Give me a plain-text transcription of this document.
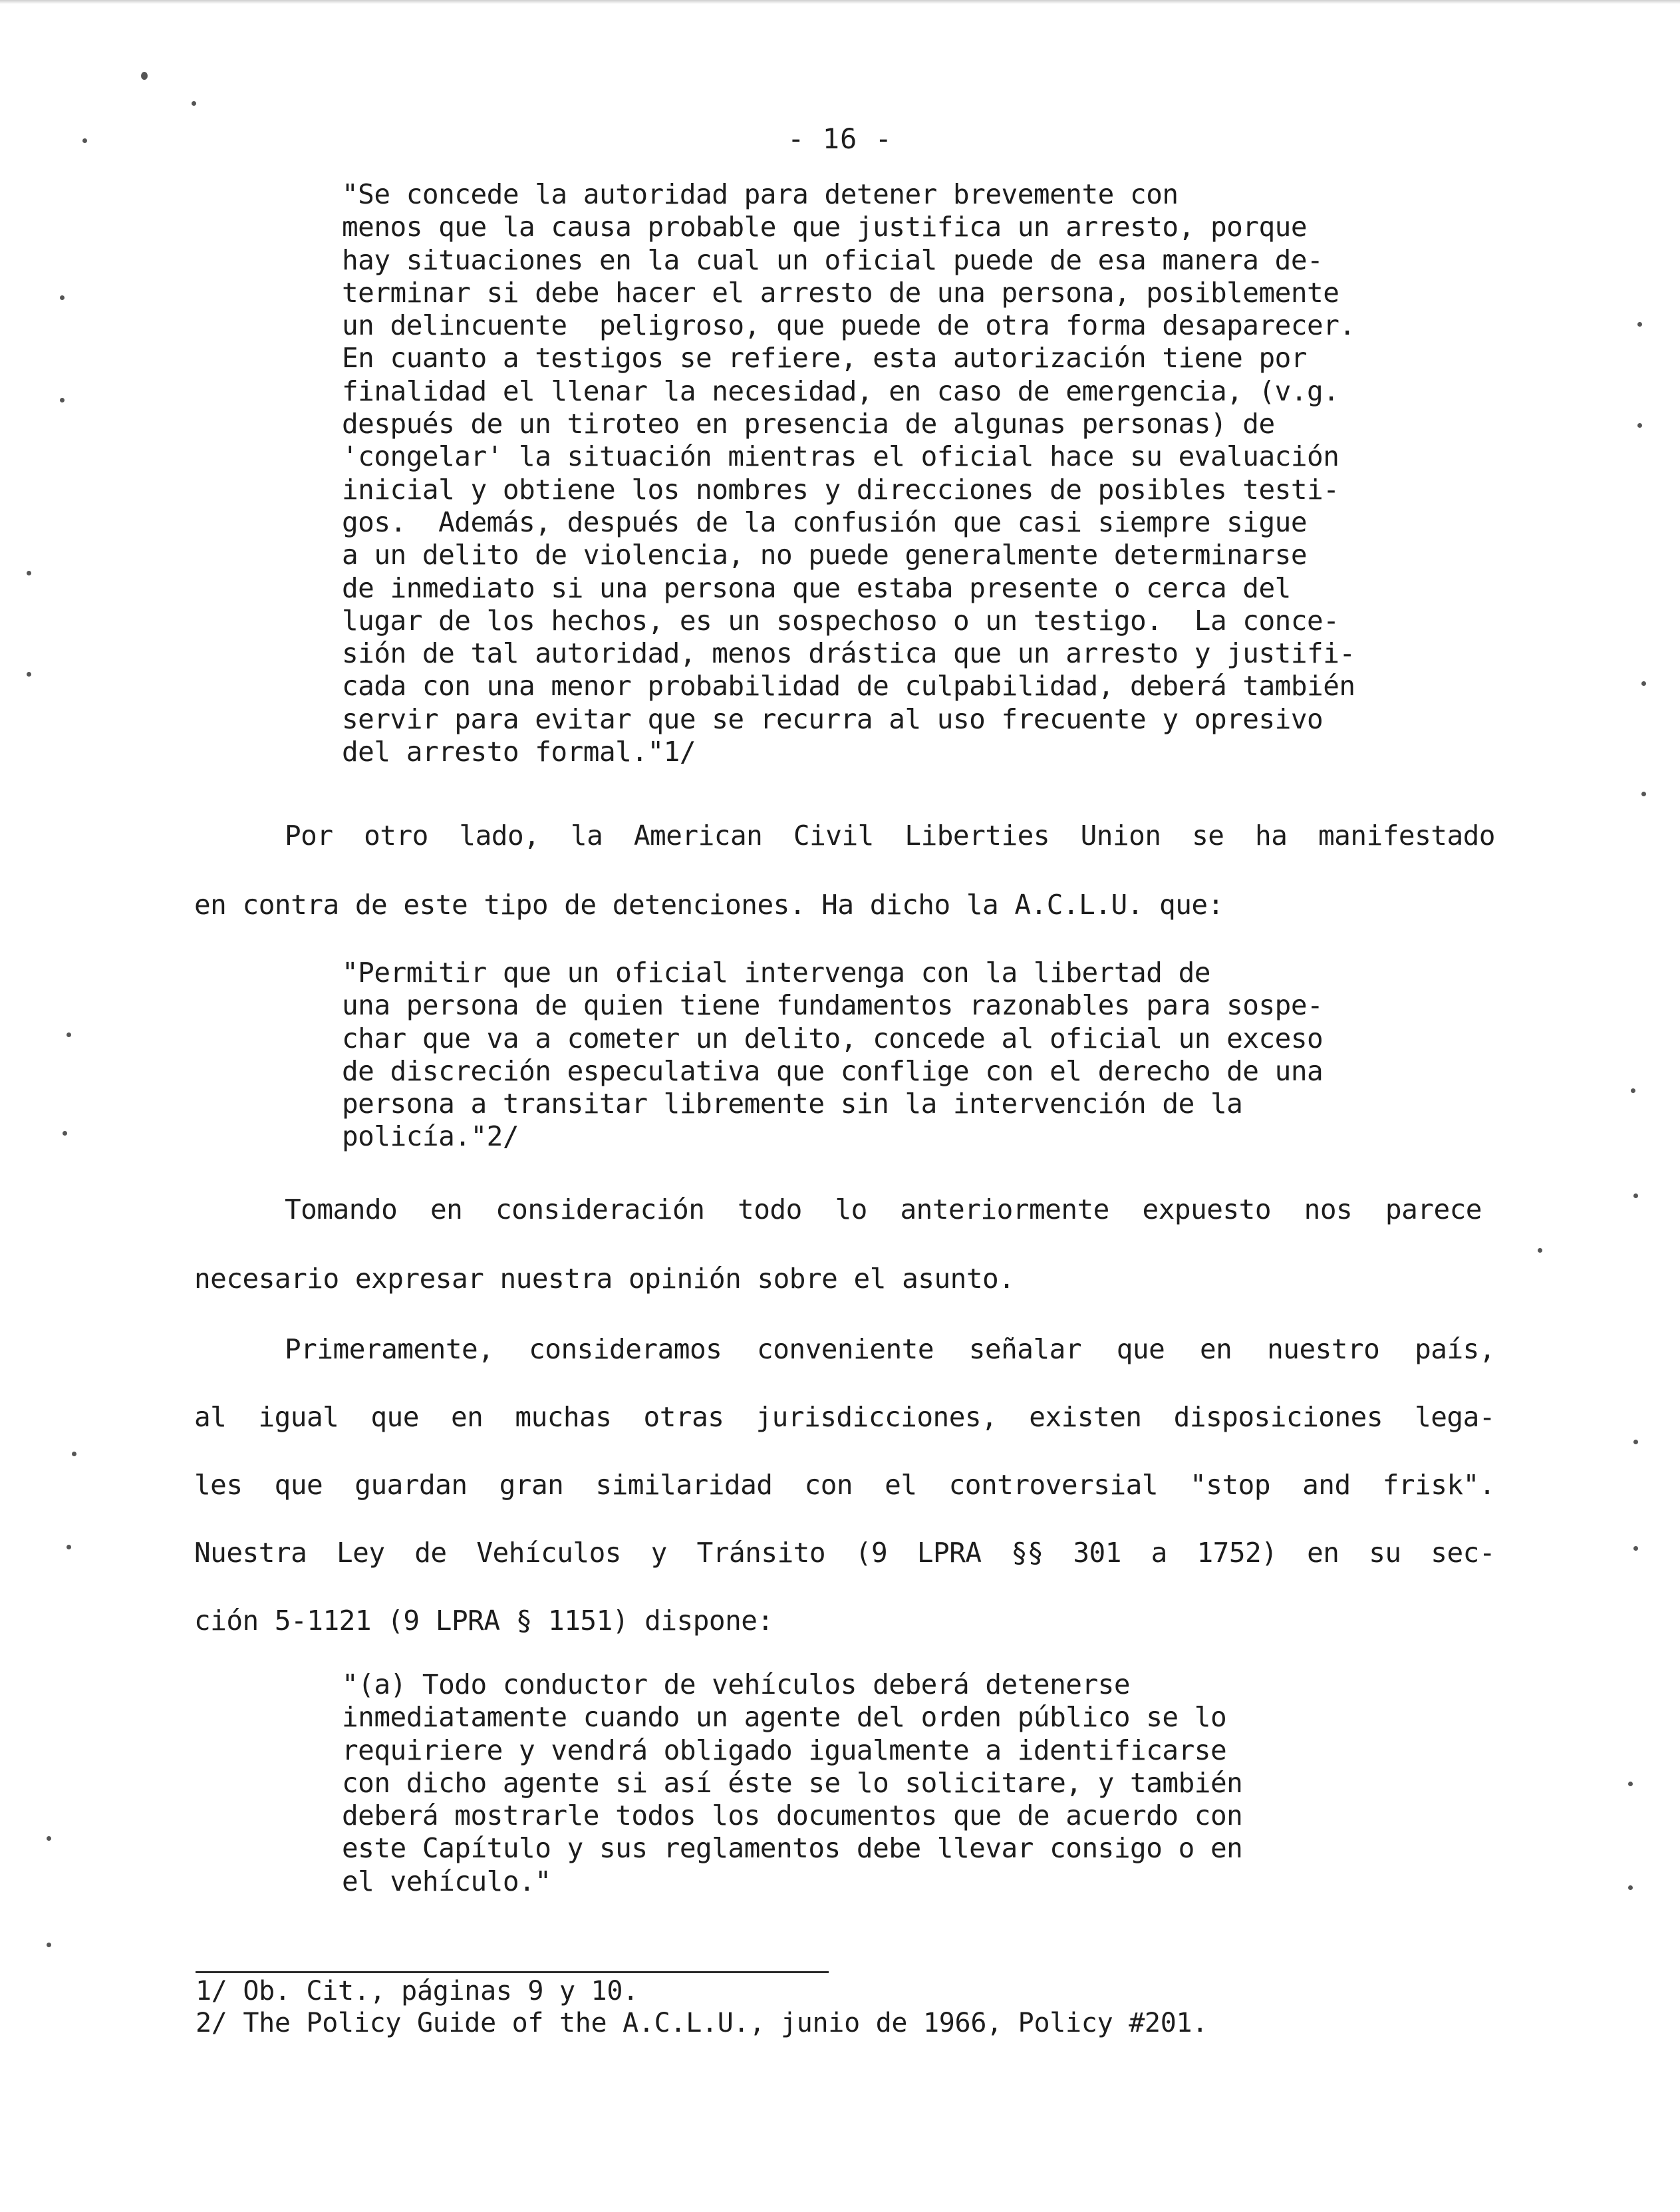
- 16 -
"Se concede la autoridad para detener brevemente con
menos que la causa probable que justifica un arresto, porque
hay situaciones en la cual un oficial puede de esa manera de-
terminar si debe hacer el arresto de una persona, posiblemente
un delincuente  peligroso, que puede de otra forma desaparecer.
En cuanto a testigos se refiere, esta autorización tiene por
finalidad el llenar la necesidad, en caso de emergencia, (v.g.
después de un tiroteo en presencia de algunas personas) de
'congelar' la situación mientras el oficial hace su evaluación
inicial y obtiene los nombres y direcciones de posibles testi-
gos.  Además, después de la confusión que casi siempre sigue
a un delito de violencia, no puede generalmente determinarse
de inmediato si una persona que estaba presente o cerca del
lugar de los hechos, es un sospechoso o un testigo.  La conce-
sión de tal autoridad, menos drástica que un arresto y justifi-
cada con una menor probabilidad de culpabilidad, deberá también
servir para evitar que se recurra al uso frecuente y opresivo
del arresto formal."1/
Por otro lado, la American Civil Liberties Union se ha manifestado
en contra de este tipo de detenciones. Ha dicho la A.C.L.U. que:
"Permitir que un oficial intervenga con la libertad de
una persona de quien tiene fundamentos razonables para sospe-
char que va a cometer un delito, concede al oficial un exceso
de discreción especulativa que conflige con el derecho de una
persona a transitar libremente sin la intervención de la
policía."2/
Tomando en consideración todo lo anteriormente expuesto nos parece
necesario expresar nuestra opinión sobre el asunto.
Primeramente, consideramos conveniente señalar que en nuestro país,
al igual que en muchas otras jurisdicciones, existen disposiciones lega-
les que guardan gran similaridad con el controversial "stop and frisk".
Nuestra Ley de Vehículos y Tránsito (9 LPRA §§ 301 a 1752) en su sec-
ción 5-1121 (9 LPRA § 1151) dispone:
"(a) Todo conductor de vehículos deberá detenerse
inmediatamente cuando un agente del orden público se lo
requiriere y vendrá obligado igualmente a identificarse
con dicho agente si así éste se lo solicitare, y también
deberá mostrarle todos los documentos que de acuerdo con
este Capítulo y sus reglamentos debe llevar consigo o en
el vehículo."
1/ Ob. Cit., páginas 9 y 10.
2/ The Policy Guide of the A.C.L.U., junio de 1966, Policy #201.
